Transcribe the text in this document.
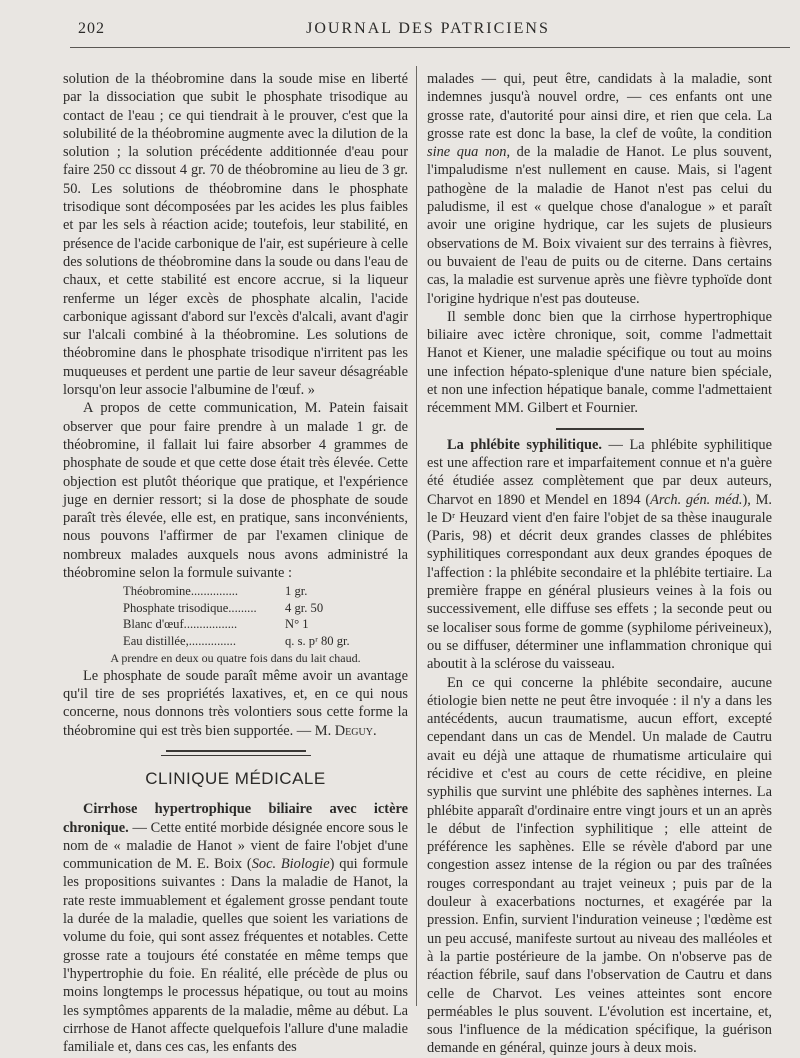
202	JOURNAL DES PATRICIENS

solution de la théobromine dans la soude mise en liberté par la dissociation que subit le phosphate trisodique au contact de l'eau ; ce qui tiendrait à le prouver, c'est que la solubilité de la théobromine augmente avec la dilution de la solution ; la solution précédente additionnée d'eau pour faire 250 cc dissout 4 gr. 70 de théobromine au lieu de 3 gr. 50. Les solutions de théobromine dans le phosphate trisodique sont décomposées par les acides les plus faibles et par les sels à réaction acide; toutefois, leur stabilité, en présence de l'acide carbonique de l'air, est supérieure à celle des solutions de théobromine dans la soude ou dans l'eau de chaux, et cette stabilité est encore accrue, si la liqueur renferme un léger excès de phosphate alcalin, l'acide carbonique agissant d'abord sur l'excès d'alcali, avant d'agir sur l'alcali combiné à la théobromine. Les solutions de théobromine dans le phosphate trisodique n'irritent pas les muqueuses et perdent une partie de leur saveur désagréable lorsqu'on leur associe l'albumine de l'œuf. »

A propos de cette communication, M. Patein faisait observer que pour faire prendre à un malade 1 gr. de théobromine, il fallait lui faire absorber 4 grammes de phosphate de soude et que cette dose était très élevée. Cette objection est plutôt théorique que pratique, et l'expérience juge en dernier ressort; si la dose de phosphate de soude paraît très élevée, elle est, en pratique, sans inconvénients, nous pouvons l'affirmer de par l'examen clinique de nombreux malades auxquels nous avons administré la théobromine selon la formule suivante :

Théobromine...............	1 gr.
Phosphate trisodique.........	4 gr. 50
Blanc d'œuf.................	N° 1
Eau distillée,...............	q. s. pʳ 80 gr.
A prendre en deux ou quatre fois dans du lait chaud.

Le phosphate de soude paraît même avoir un avantage qu'il tire de ses propriétés laxatives, et, en ce qui nous concerne, nous donnons très volontiers sous cette forme la théobromine qui est très bien supportée. — M. Deguy.

CLINIQUE MÉDICALE

Cirrhose hypertrophique biliaire avec ictère chronique. — Cette entité morbide désignée encore sous le nom de « maladie de Hanot » vient de faire l'objet d'une communication de M. E. Boix (Soc. Biologie) qui formule les propositions suivantes : Dans la maladie de Hanot, la rate reste immuablement et également grosse pendant toute la durée de la maladie, quelles que soient les variations de volume du foie, qui sont assez fréquentes et notables. Cette grosse rate a toujours été constatée en même temps que l'hypertrophie du foie. En réalité, elle précède de plus ou moins longtemps le processus hépatique, ou tout au moins les symptômes apparents de la maladie, même au début. La cirrhose de Hanot affecte quelquefois l'allure d'une maladie familiale et, dans ces cas, les enfants des

malades — qui, peut être, candidats à la maladie, sont indemnes jusqu'à nouvel ordre, — ces enfants ont une grosse rate, d'autorité pour ainsi dire, et rien que cela. La grosse rate est donc la base, la clef de voûte, la condition sine qua non, de la maladie de Hanot. Le plus souvent, l'impaludisme n'est nullement en cause. Mais, si l'agent pathogène de la maladie de Hanot n'est pas celui du paludisme, il est « quelque chose d'analogue » et paraît avoir une origine hydrique, car les sujets de plusieurs observations de M. Boix vivaient sur des terrains à fièvres, ou buvaient de l'eau de puits ou de citerne. Dans certains cas, la maladie est survenue après une fièvre typhoïde dont l'origine hydrique n'est pas douteuse.

Il semble donc bien que la cirrhose hypertrophique biliaire avec ictère chronique, soit, comme l'admettait Hanot et Kiener, une maladie spécifique ou tout au moins une infection hépato-splenique d'une nature bien spéciale, et non une infection hépatique banale, comme l'admettaient récemment MM. Gilbert et Fournier.

La phlébite syphilitique. — La phlébite syphilitique est une affection rare et imparfaitement connue et n'a guère été étudiée assez complètement que par deux auteurs, Charvot en 1890 et Mendel en 1894 (Arch. gén. méd.), M. le Dʳ Heuzard vient d'en faire l'objet de sa thèse inaugurale (Paris, 98) et décrit deux grandes classes de phlébites syphilitiques correspondant aux deux grandes époques de l'affection : la phlébite secondaire et la phlébite tertiaire. La première frappe en général plusieurs veines à la fois ou successivement, elle diffuse ses effets ; la seconde peut ou se localiser sous forme de gomme (syphilome périveineux), ou se diffuser, déterminer une inflammation chronique qui aboutit à la sclérose du vaisseau.

En ce qui concerne la phlébite secondaire, aucune étiologie bien nette ne peut être invoquée : il n'y a dans les antécédents, aucun traumatisme, aucun effort, excepté cependant dans un cas de Mendel. Un malade de Cautru avait eu déjà une attaque de rhumatisme articulaire qui récidive et c'est au cours de cette récidive, en pleine syphilis que survint une phlébite des saphènes internes. La phlébite apparaît d'ordinaire entre vingt jours et un an après le début de l'infection syphilitique ; elle atteint de préférence les saphènes. Elle se révèle d'abord par une congestion assez intense de la région ou par des traînées rouges correspondant au trajet veineux ; puis par de la douleur à exacerbations nocturnes, et exagérée par la pression. Enfin, survient l'induration veineuse ; l'œdème est un peu accusé, manifeste surtout au niveau des malléoles et à la partie postérieure de la jambe. On n'observe pas de réaction fébrile, sauf dans l'observation de Cautru et dans celle de Charvot. Les veines atteintes sont encore perméables le plus souvent. L'évolution est incertaine, et, sous l'influence de la médication spécifique, la guérison demande en général, quinze jours à deux mois.
